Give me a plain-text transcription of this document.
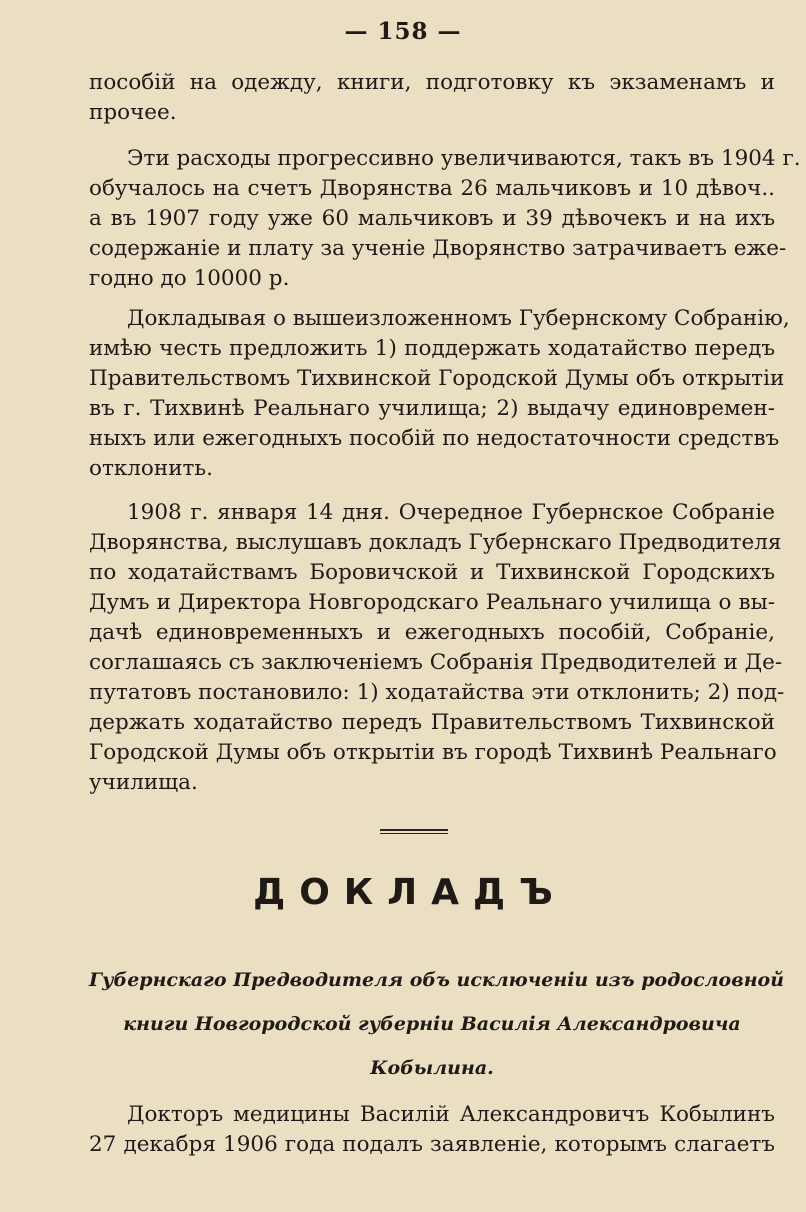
— 158 —
пособій на одежду, книги, подготовку къ экзаменамъ и
прочее.
Эти расходы прогрессивно увеличиваются, такъ въ 1904 г.
обучалось на счетъ Дворянства 26 мальчиковъ и 10 дѣвоч..
а въ 1907 году уже 60 мальчиковъ и 39 дѣвочекъ и на ихъ
содержаніе и плату за ученіе Дворянство затрачиваетъ еже-
годно до 10000 р.
Докладывая о вышеизложенномъ Губернскому Собранію,
имѣю честь предложить 1) поддержать ходатайство передъ
Правительствомъ Тихвинской Городской Думы объ открытіи
въ г. Тихвинѣ Реальнаго училища; 2) выдачу единовремен-
ныхъ или ежегодныхъ пособій по недостаточности средствъ
отклонить.
1908 г. января 14 дня. Очередное Губернское Собраніе
Дворянства, выслушавъ докладъ Губернскаго Предводителя
по ходатайствамъ Боровичской и Тихвинской Городскихъ
Думъ и Директора Новгородскаго Реальнаго училища о вы-
дачѣ единовременныхъ и ежегодныхъ пособій, Собраніе,
соглашаясь съ заключеніемъ Собранія Предводителей и Де-
путатовъ постановило: 1) ходатайства эти отклонить; 2) под-
держать ходатайство передъ Правительствомъ Тихвинской
Городской Думы объ открытіи въ городѣ Тихвинѣ Реальнаго
училища.
ДОКЛАДЪ
Губернскаго Предводителя объ исключеніи изъ родословной
книги Новгородской губерніи Василія Александровича
Кобылина.
Докторъ медицины Василій Александровичъ Кобылинъ
27 декабря 1906 года подалъ заявленіе, которымъ слагаетъ
